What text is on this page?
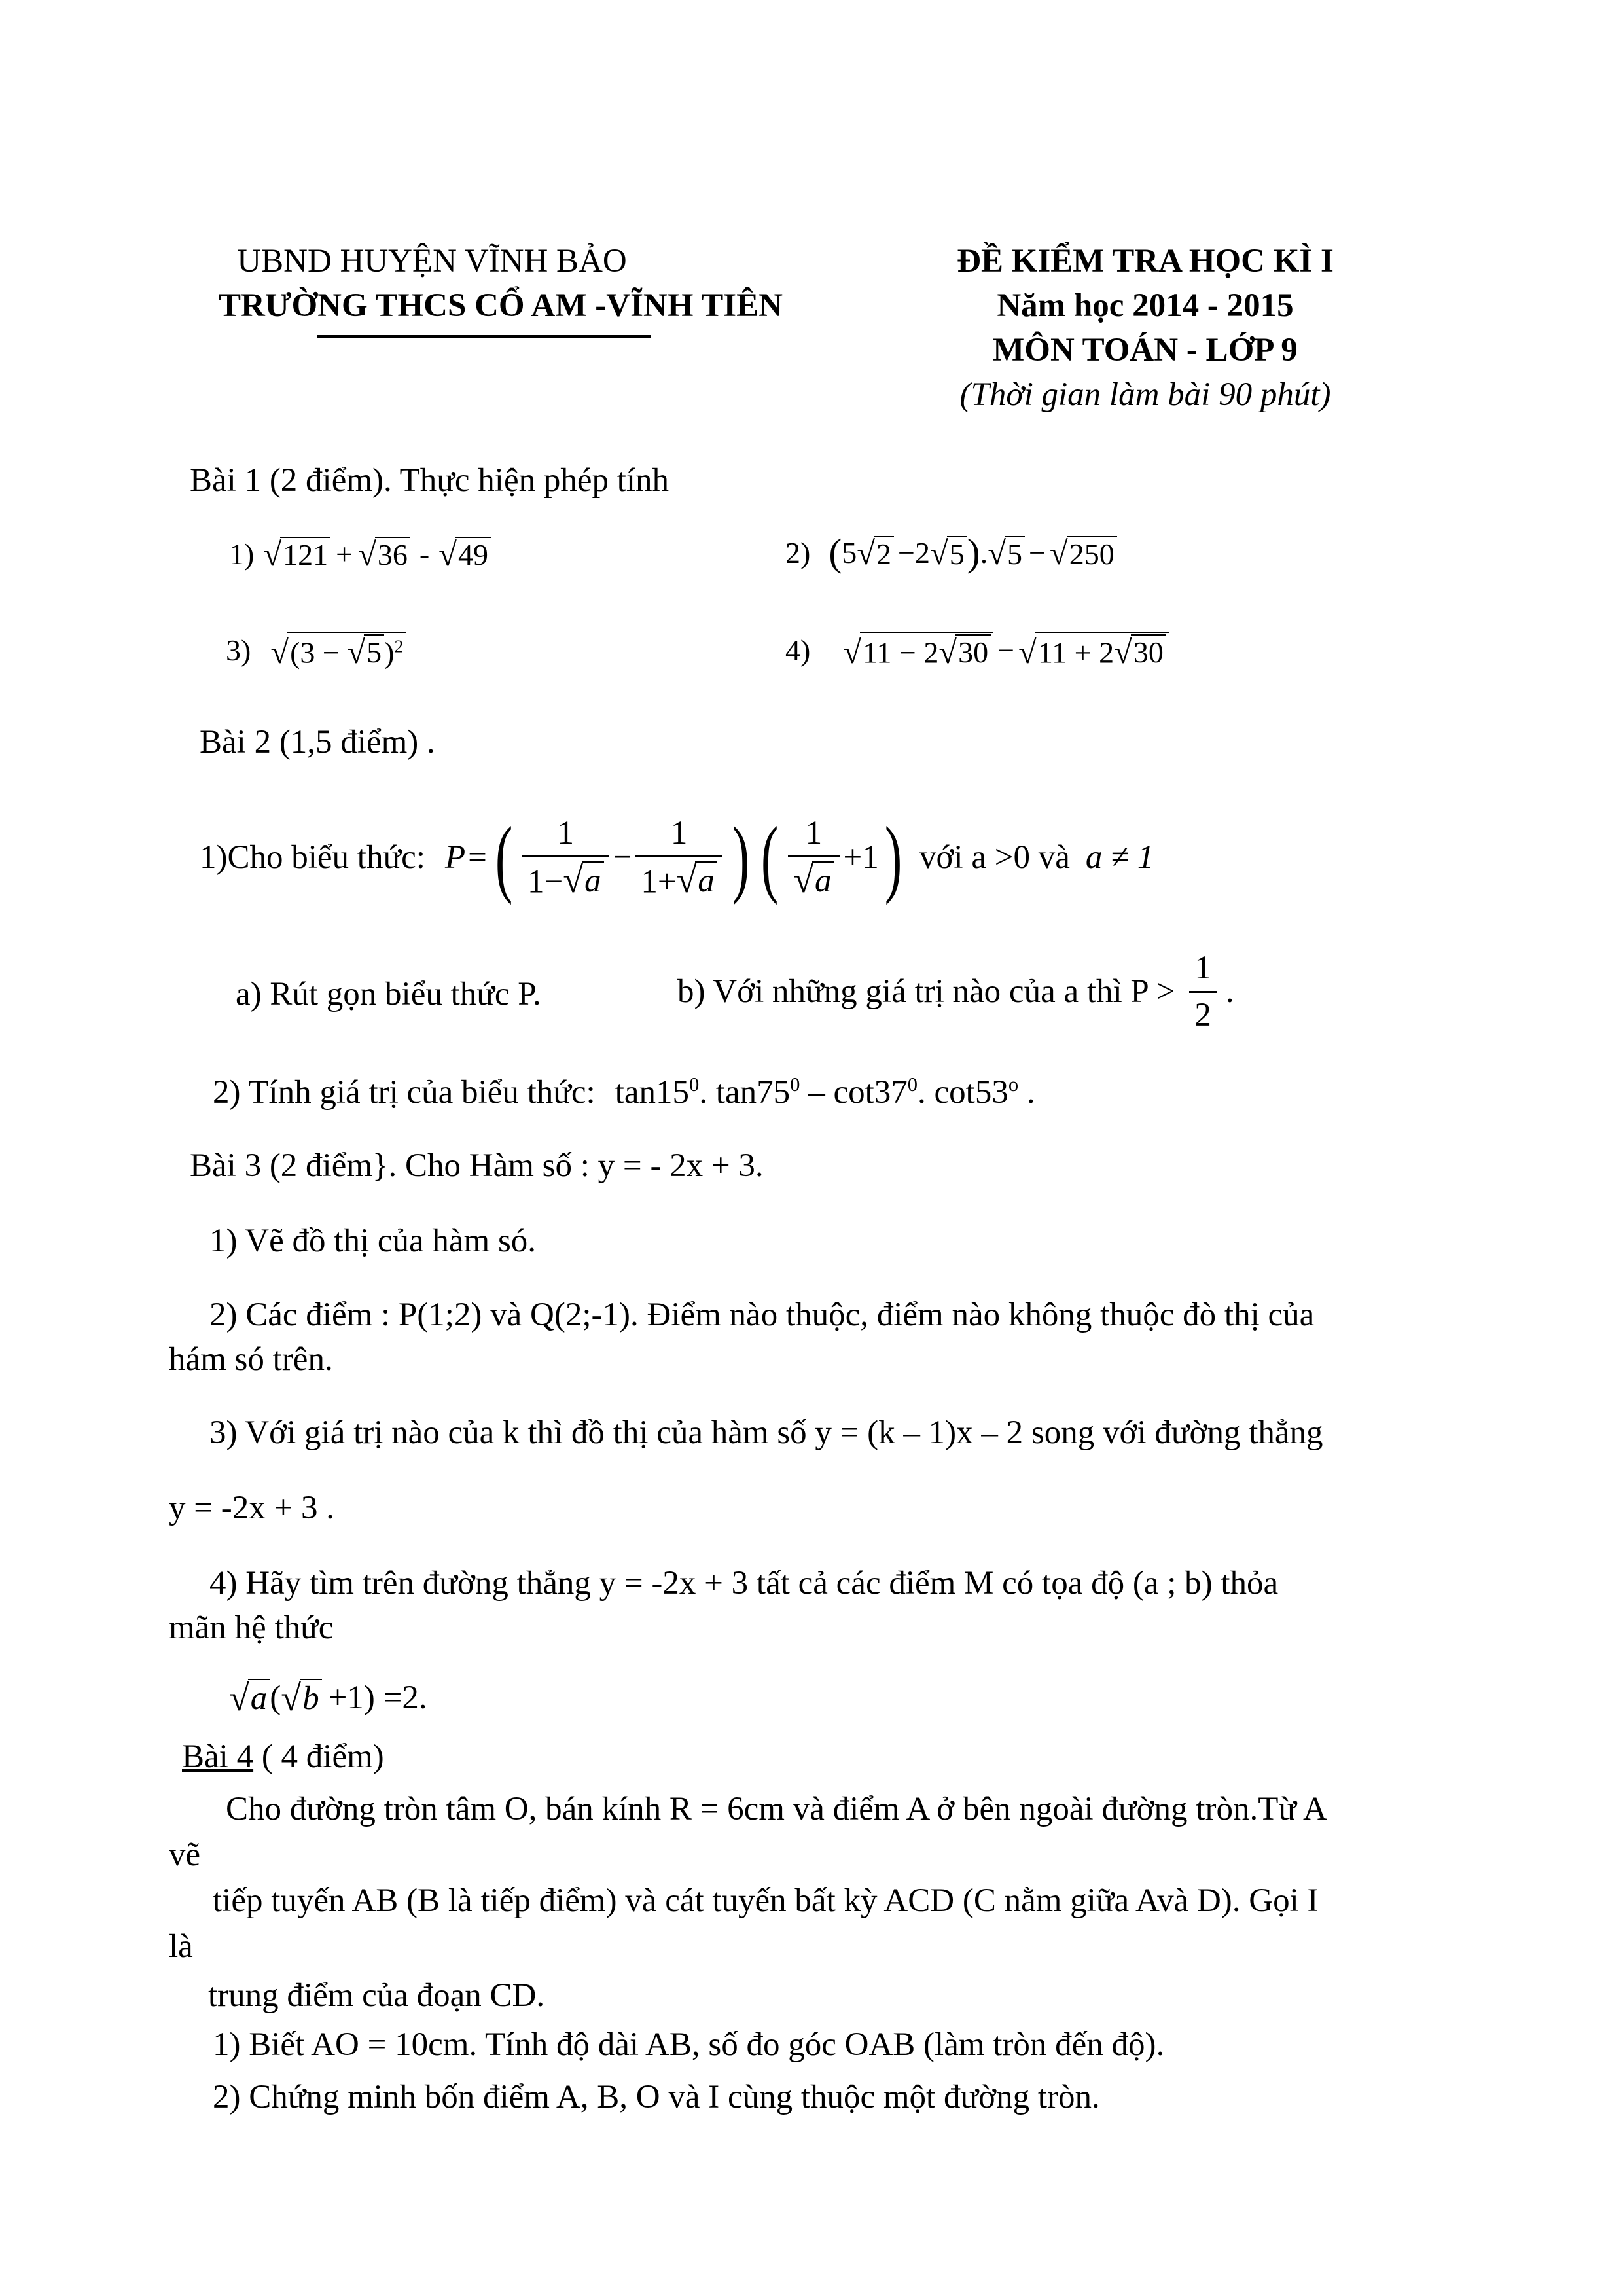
UBND HUYỆN VĨNH BẢO
TRƯỜNG THCS CỔ AM -VĨNH TIÊN
ĐỀ KIỂM TRA HỌC KÌ I
Năm học 2014 - 2015
MÔN TOÁN - LỚP 9
(Thời gian làm bài 90 phút)
Bài 1 (2 điểm). Thực hiện phép tính
1) √ 121 + √ 36 - √ 49	2) ( 5 √ 2 −2 √ 5 ) . √ 5 − √ 250
3) √ (3 − √ 5 )$^2$	4) √ 11 − 2 √ 30 − √ 11 + 2 √ 30
Bài 2 (1,5 điểm) .
1)Cho biểu thức: P = ( $\frac{1}{1- √ a} - \frac{1}{1+ √ a}$ ) ( $\frac{1}{√ a} +1$ ) với a >0 và a ≠ 1
a) Rút gọn biểu thức P.	b) Với những giá trị nào của a thì $P > \frac{1}{2}$ .
2) Tính giá trị của biểu thức: $\tan 15^0$. $\tan 75^0 - \cot 37^0$. cot53$^o$ .
Bài 3 (2 điểm}. Cho Hàm số : y = - 2x + 3.
1) Vẽ đồ thị của hàm só.
2) Các điểm : P(1;2) và Q(2;-1). Điểm nào thuộc, điểm nào không thuộc đò thị của
hám só trên.
3) Với giá trị nào của k thì đồ thị của hàm số y = (k – 1)x – 2 song với đường thẳng
y = -2x + 3 .
4) Hãy tìm trên đường thẳng y = -2x + 3 tất cả các điểm M có tọa độ (a ; b) thỏa
mãn hệ thức
√ a ( √ b +1) =2.
Bài 4 ( 4 điểm)
Cho đường tròn tâm O, bán kính R = 6cm và điểm A ở bên ngoài đường tròn.Từ A
vẽ
tiếp tuyến AB (B là tiếp điểm) và cát tuyến bất kỳ ACD (C nằm giữa Avà D). Gọi I
là
trung điểm của đoạn CD.
1) Biết AO = 10cm. Tính độ dài AB, số đo góc OAB (làm tròn đến độ).
2) Chứng minh bốn điểm A, B, O và I cùng thuộc một đường tròn.
